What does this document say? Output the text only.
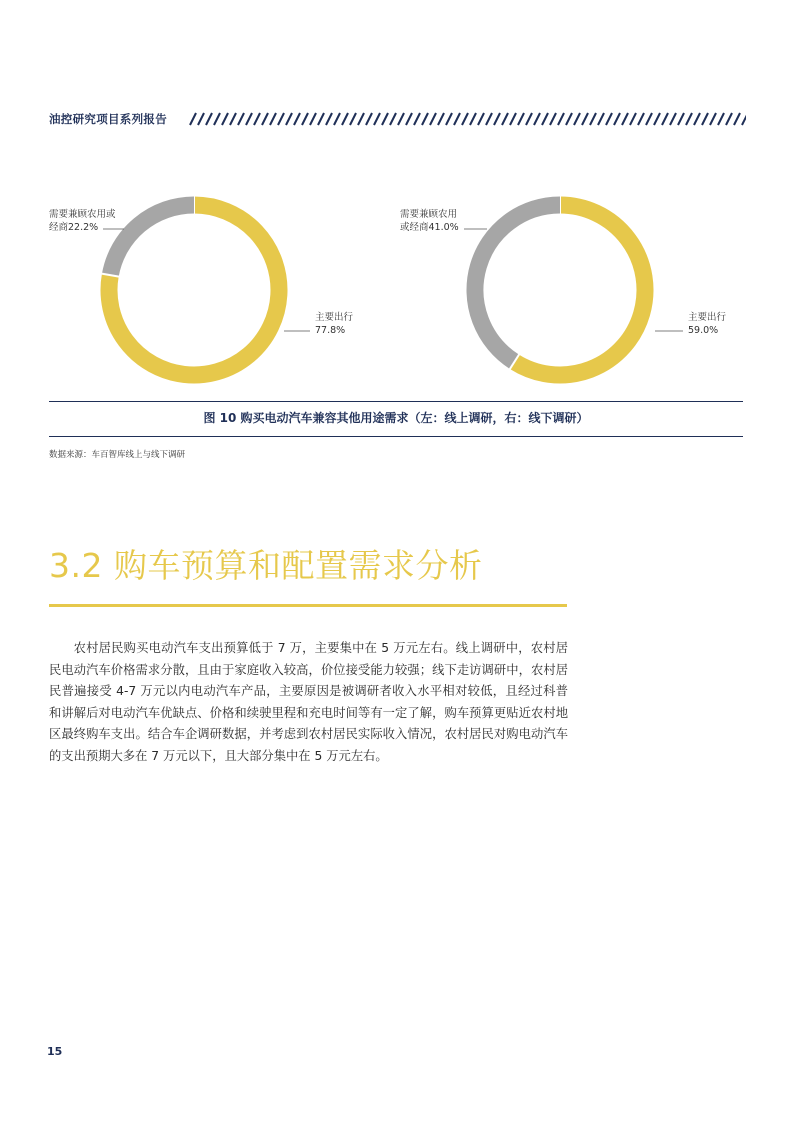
油控研究项目系列报告
需要兼顾农用或
经商22.2%
主要出行
77.8%
需要兼顾农用
或经商41.0%
主要出行
59.0%
图 10 购买电动汽车兼容其他用途需求（左：线上调研，右：线下调研）
数据来源：车百智库线上与线下调研
3.2 购车预算和配置需求分析

农村居民购买电动汽车支出预算低于 7 万，主要集中在 5 万元左右。线上调研中，农村居民电动汽车价格需求分散，且由于家庭收入较高，价位接受能力较强；线下走访调研中，农村居民普遍接受 4-7 万元以内电动汽车产品，主要原因是被调研者收入水平相对较低，且经过科普和讲解后对电动汽车优缺点、价格和续驶里程和充电时间等有一定了解，购车预算更贴近农村地区最终购车支出。结合车企调研数据，并考虑到农村居民实际收入情况，农村居民对购电动汽车的支出预期大多在 7 万元以下，且大部分集中在 5 万元左右。

15
